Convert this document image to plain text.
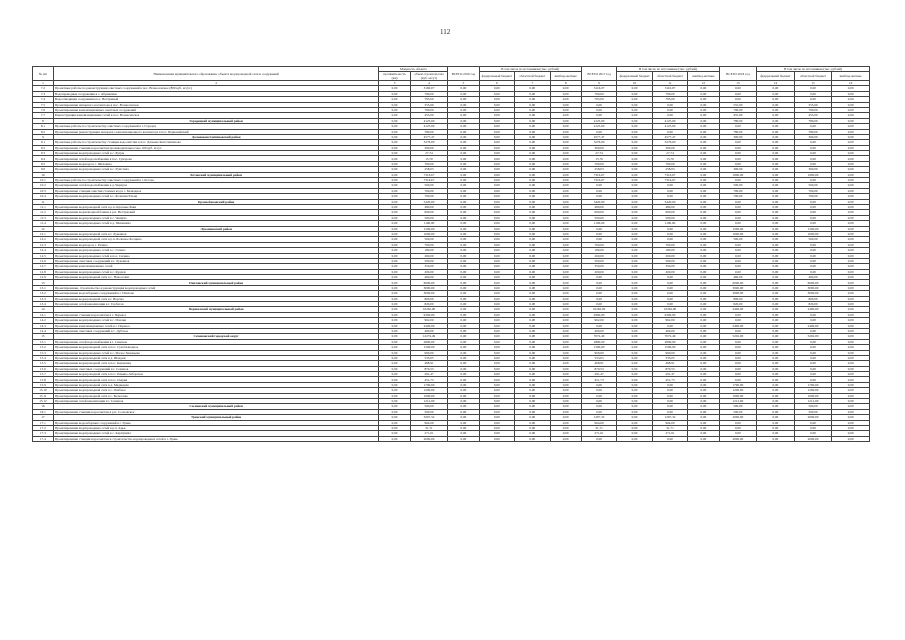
112
№ п/п	Наименование муниципального образования, объекта водопроводной сети и сооружений	Мощность объекта		ВСЕГО 2016 год	В том числе по источникам (тыс. рублей)			ВСЕГО 2017 год	В том числе по источникам (тыс. рублей)			ВСЕГО 2018 год	В том числе по источникам (тыс. рублей)		
		протяжён-ность (км)	объем строительства (куб. м/сут)		федеральный бюджет	областной бюджет	внебюд-жетные		федеральный бюджет	областной бюджет	внебюд-жетные		федеральный бюджет	областной бюджет	внебюд-жетные
1	2	3	4	5	6	7	8	9	10	11	12	13	14	15	16
7.2	Проектные работы по реконструкции очистных сооружений в пос. Вознесенское (800 куб. м/сут.)	0,00	3160,07	0,00	0,00	0,00	0,00	3116,07	0,00	3116,07	0,00	0,00	0,00	0,00	0,00
7.3	Водопроводные сооружения в с. Абраменки	0,00	790,00	0,00	0,00	0,00	0,00	790,00	0,00	790,00	0,00	0,00	0,00	0,00	0,00
7.4	Водоотводящие сооружения пос. Ветлужный	0,00	795,00	0,00	0,00	0,00	0,00	795,00	0,00	795,00	0,00	0,00	0,00	0,00	0,00
7.5	Проектирование напорного коллектора в пос. Вознесенское	0,00	555,00	0,00	0,00	0,00	0,00	0,00	0,00	0,00	0,00	555,00	0,00	555,00	0,00
7.6	Проектирование канализационных очистных сооружений	0,00	790,00	0,00	0,00	0,00	0,00	0,00	0,00	0,00	0,00	790,00	0,00	790,00	0,00
7.7	Реконструкция канализационных сетей в пос. Вознесенское	0,00	455,00	0,00	0,00	0,00	0,00	0,00	0,00	0,00	0,00	455,00	0,00	455,00	0,00
8	Городецкий муниципальный район	0,00	4125,00	0,00	0,00	0,00	0,00	4125,00	0,00	4125,00	0,00	780,00	0,00	780,00	0,00
8.1	Проектные работы по строительству очистных сооружений в г. Городец	0,00	4125,00	0,00	0,00	0,00	0,00	4125,00	0,00	4125,00	0,00	0,00	0,00	0,00	0,00
8.2	Проектирование реконструкции напорного канализационного коллектора в пос. Первомайский	0,00	780,00	0,00	0,00	0,00	0,00	0,00	0,00	0,00	0,00	780,00	0,00	780,00	0,00
9	Дальнеконстантиновский район	0,00	4577,47	0,00	0,00	0,00	0,00	4577,47	0,00	4577,47	0,00	300,00	0,00	300,00	0,00
9.1	Проектные работы по строительству станции водоочистки в пос. Дальнее Константиново	0,00	3276,00	0,00	0,00	0,00	0,00	3276,00	0,00	3276,00	0,00	0,00	0,00	0,00	0,00
9.2	Проектирование станции водоочистки производительностью 100 куб. м/сут.	0,00	300,00	0,00	0,00	0,00	0,00	300,00	0,00	300,00	0,00	0,00	0,00	0,00	0,00
9.3	Проектирование водопроводных сетей в с. Бугры	0,00	27,74	0,00	0,00	0,00	0,00	27,74	0,00	27,74	0,00	0,00	0,00	0,00	0,00
9.4	Проектирование сетей водоснабжения в пос. Суворово	0,00	15,70	0,00	0,00	0,00	0,00	15,70	0,00	15,70	0,00	0,00	0,00	0,00	0,00
9.5	Проектирование водовода в с. Шелокша	0,00	700,00	0,00	0,00	0,00	0,00	700,00	0,00	700,00	0,00	0,00	0,00	0,00	0,00
9.6	Проектирование водопроводных сетей в с. Румстиха	0,00	258,03	0,00	0,00	0,00	0,00	258,03	0,00	258,03	0,00	300,00	0,00	300,00	0,00
10	Кстовский муниципальный район	0,00	7316,67	0,00	0,00	0,00	0,00	7316,67	0,00	7316,67	0,00	1900,00	0,00	1900,00	0,00
10.1	Проектные работы по строительству очистных сооружений в г. Кстово	0,00	7316,67	0,00	0,00	0,00	0,00	7316,67	0,00	7316,67	0,00	0,00	0,00	0,00	0,00
10.2	Проектирование сетей водоснабжения в д. Чернуха	0,00	500,00	0,00	0,00	0,00	0,00	0,00	0,00	0,00	0,00	500,00	0,00	500,00	0,00
10.3	Проектирование станции очистки сточных вод в с. Безводное	0,00	700,00	0,00	0,00	0,00	0,00	0,00	0,00	0,00	0,00	700,00	0,00	700,00	0,00
10.4	Проектирование водопроводных сетей в с. Большая Ельня	0,00	700,00	0,00	0,00	0,00	0,00	0,00	0,00	0,00	0,00	700,00	0,00	700,00	0,00
11	Краснобаковский район	0,00	5420,00	0,00	0,00	0,00	0,00	5420,00	0,00	5420,00	0,00	0,00	0,00	0,00	0,00
11.1	Проектирование водопроводной сети в р.п. Красные Баки	0,00	480,00	0,00	0,00	0,00	0,00	480,00	0,00	480,00	0,00	0,00	0,00	0,00	0,00
11.2	Проектирование водонапорной башни в р.п. Ветлужский	0,00	600,00	0,00	0,00	0,00	0,00	600,00	0,00	600,00	0,00	0,00	0,00	0,00	0,00
11.3	Проектирование водопроводных сетей в с. Чащиха	0,00	500,00	0,00	0,00	0,00	0,00	500,00	0,00	500,00	0,00	0,00	0,00	0,00	0,00
11.4	Проектирование водопроводных сетей в д. Шеманиха	0,00	1100,00	0,00	0,00	0,00	0,00	1100,00	0,00	1100,00	0,00	0,00	0,00	0,00	0,00
12	Лукояновский район	0,00	1500,00	0,00	0,00	0,00	0,00	0,00	0,00	0,00	0,00	1500,00	0,00	1500,00	0,00
12.1	Проектирование водопроводной сети в г. Лукоянов	0,00	1000,00	0,00	0,00	0,00	0,00	0,00	0,00	0,00	0,00	1000,00	0,00	1000,00	0,00
12.2	Проектирование водопроводной сети в р.п. Большое Болдино	0,00	500,00	0,00	0,00	0,00	0,00	0,00	0,00	0,00	0,00	500,00	0,00	500,00	0,00
12.3	Проектирование водовода в с. Разино	0,00	700,00	0,00	0,00	0,00	0,00	700,00	0,00	700,00	0,00	0,00	0,00	0,00	0,00
12.4	Проектирование водопроводных сетей в с. Гагино	0,00	180,00	0,00	0,00	0,00	0,00	180,00	0,00	180,00	0,00	0,00	0,00	0,00	0,00
12.5	Проектирование водопроводных сетей в пос. Силино	0,00	260,00	0,00	0,00	0,00	0,00	260,00	0,00	260,00	0,00	0,00	0,00	0,00	0,00
12.6	Проектирование очистных сооружений в г. Лукоянов	0,00	500,00	0,00	0,00	0,00	0,00	500,00	0,00	500,00	0,00	0,00	0,00	0,00	0,00
12.7	Проектирование канализационных сетей	0,00	350,00	0,00	0,00	0,00	0,00	350,00	0,00	350,00	0,00	0,00	0,00	0,00	0,00
12.8	Проектирование водопроводных сетей в с. Кудлеи	0,00	200,00	0,00	0,00	0,00	0,00	200,00	0,00	200,00	0,00	0,00	0,00	0,00	0,00
12.9	Проектирование водопроводной сети в с. Новоселки	0,00	460,00	0,00	0,00	0,00	0,00	0,00	0,00	0,00	0,00	460,00	0,00	460,00	0,00
13	Павловский муниципальный район	0,00	6000,00	0,00	0,00	0,00	0,00	0,00	0,00	0,00	0,00	6000,00	0,00	6000,00	0,00
13.1	Проектирование, строительство и реконструкция водопроводных сетей	0,00	3000,00	0,00	0,00	0,00	0,00	0,00	0,00	0,00	0,00	3000,00	0,00	3000,00	0,00
13.2	Проектирование водозаборных сооружений в г. Павлово	0,00	3000,00	0,00	0,00	0,00	0,00	0,00	0,00	0,00	0,00	3000,00	0,00	3000,00	0,00
13.3	Проектирование водопроводной сети в г. Ворсма	0,00	800,00	0,00	0,00	0,00	0,00	0,00	0,00	0,00	0,00	800,00	0,00	800,00	0,00
13.4	Проектирование сетей канализации в г. Горбатов	0,00	820,00	0,00	0,00	0,00	0,00	0,00	0,00	0,00	0,00	820,00	0,00	820,00	0,00
14	Перевозский муниципальный район	0,00	10262,00	0,00	0,00	0,00	0,00	10262,00	0,00	10262,00	0,00	2400,00	0,00	2400,00	0,00
14.1	Проектирование станции водоочистки в г. Перевоз	0,00	9300,00	0,00	0,00	0,00	0,00	9300,00	0,00	9300,00	0,00	0,00	0,00	0,00	0,00
14.2	Проектирование водопроводных сетей в с. Ичалки	0,00	962,00	0,00	0,00	0,00	0,00	962,00	0,00	962,00	0,00	0,00	0,00	0,00	0,00
14.3	Проектирование канализационных сетей в г. Перевоз	0,00	2400,00	0,00	0,00	0,00	0,00	0,00	0,00	0,00	0,00	2400,00	0,00	2400,00	0,00
14.4	Проектирование очистных сооружений в с. Дубское	0,00	400,00	0,00	0,00	0,00	0,00	400,00	0,00	400,00	0,00	0,00	0,00	0,00	0,00
15	Семеновский городской округ	0,00	12274,49	0,00	0,00	0,00	0,00	7072,49	0,00	7072,49	0,00	5202,00	0,00	5202,00	0,00
15.1	Проектирование сетей водоснабжения в г. Семенов	0,00	2800,00	0,00	0,00	0,00	0,00	2800,00	0,00	2800,00	0,00	0,00	0,00	0,00	0,00
15.2	Проектирование водопроводной сети в пос. Сухобезводное	0,00	1500,00	0,00	0,00	0,00	0,00	1500,00	0,00	1500,00	0,00	0,00	0,00	0,00	0,00
15.3	Проектирование водопроводных сетей в с. Малое Зиновьево	0,00	900,00	0,00	0,00	0,00	0,00	900,00	0,00	900,00	0,00	0,00	0,00	0,00	0,00
15.4	Проектирование водопроводной сети в д. Шалдеж	0,00	533,05	0,00	0,00	0,00	0,00	533,05	0,00	533,05	0,00	0,00	0,00	0,00	0,00
15.5	Проектирование водопроводной сети в пос. Керженец	0,00	468,91	0,00	0,00	0,00	0,00	468,91	0,00	468,91	0,00	0,00	0,00	0,00	0,00
15.6	Проектирование очистных сооружений в г. Семенов	0,00	870,53	0,00	0,00	0,00	0,00	870,53	0,00	870,53	0,00	0,00	0,00	0,00	0,00
15.7	Проектирование водопроводной сети в пос. Ильино-Заборское	0,00	291,47	0,00	0,00	0,00	0,00	291,47	0,00	291,47	0,00	0,00	0,00	0,00	0,00
15.8	Проектирование водопроводной сети в пос. Озерки	0,00	451,73	0,00	0,00	0,00	0,00	451,73	0,00	451,73	0,00	0,00	0,00	0,00	0,00
15.9	Проектирование водопроводной сети в д. Медведево	0,00	1790,00	0,00	0,00	0,00	0,00	0,00	0,00	0,00	0,00	1790,00	0,00	1790,00	0,00
15.10	Проектирование водопроводной сети в с. Огибное	0,00	1200,00	0,00	0,00	0,00	0,00	0,00	0,00	0,00	0,00	1200,00	0,00	1200,00	0,00
15.11	Проектирование водопроводной сети в с. Беласовка	0,00	1000,00	0,00	0,00	0,00	0,00	0,00	0,00	0,00	0,00	1000,00	0,00	1000,00	0,00
15.12	Проектирование сетей канализации в г. Семенов	0,00	1212,00	0,00	0,00	0,00	0,00	0,00	0,00	0,00	0,00	1212,00	0,00	1212,00	0,00
16	Сосновский муниципальный район	0,00	500,00	0,00	0,00	0,00	0,00	0,00	0,00	0,00	0,00	500,00	0,00	500,00	0,00
16.1	Проектирование станции водоочистки в р.п. Сосновское	0,00	500,00	0,00	0,00	0,00	0,00	0,00	0,00	0,00	0,00	500,00	0,00	500,00	0,00
17	Уренский муниципальный район	0,00	3267,32	0,00	0,00	0,00	0,00	1267,32	0,00	1267,32	0,00	2000,00	0,00	2000,00	0,00
17.1	Проектирование водозаборных сооружений в г. Урень	0,00	964,00	0,00	0,00	0,00	0,00	964,00	0,00	964,00	0,00	0,00	0,00	0,00	0,00
17.2	Проектирование водопроводных сетей в р.п. Арья	0,00	31,71	0,00	0,00	0,00	0,00	31,71	0,00	31,71	0,00	0,00	0,00	0,00	0,00
17.3	Проектирование водопроводных сетей в с. Карпуниха	0,00	271,61	0,00	0,00	0,00	0,00	271,61	0,00	271,61	0,00	0,00	0,00	0,00	0,00
17.4	Проектирование станции водоочистки и строительство водопроводных сетей в г. Урень	0,00	2000,00	0,00	0,00	0,00	0,00	0,00	0,00	0,00	0,00	2000,00	0,00	2000,00	0,00
